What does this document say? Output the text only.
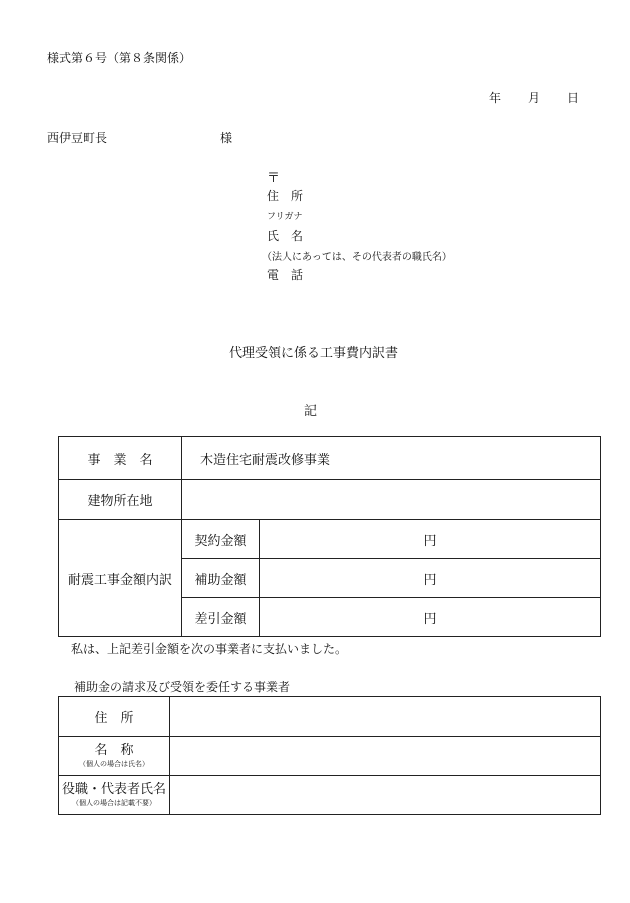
様式第６号（第８条関係）
年 月 日
西伊豆町長	様
〒
住　所
フリガナ
氏　名
（法人にあっては、その代表者の職氏名）
電　話
代理受領に係る工事費内訳書
記
事　業　名	木造住宅耐震改修事業	
建物所在地		
耐震工事金額内訳	契約金額	円
	補助金額	円
	差引金額	円
私は、上記差引金額を次の事業者に支払いました。
補助金の請求及び受領を委任する事業者
住　所	

名　称
（個人の場合は氏名）	

役職・代表者氏名
（個人の場合は記載不要）	
